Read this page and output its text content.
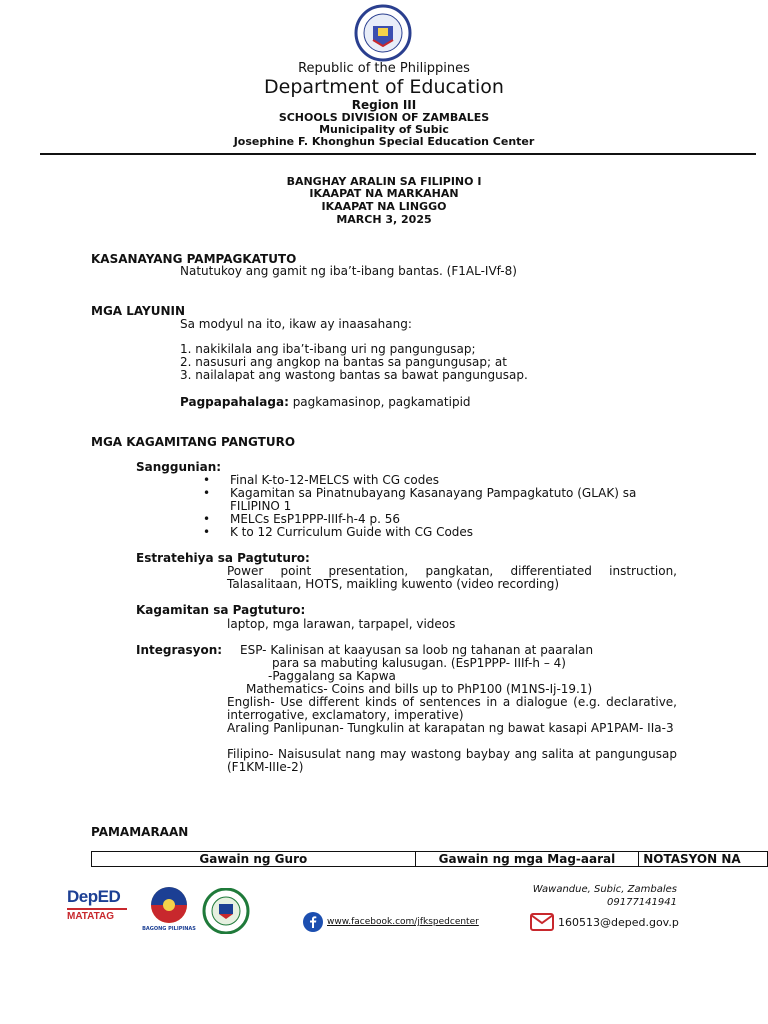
Republic of the Philippines
Department of Education
Region III
SCHOOLS DIVISION OF ZAMBALES
Municipality of Subic
Josephine F. Khonghun Special Education Center
BANGHAY ARALIN SA FILIPINO I
IKAAPAT NA MARKAHAN
IKAAPAT NA LINGGO
MARCH 3, 2025
KASANAYANG PAMPAGKATUTO
Natutukoy ang gamit ng iba’t-ibang bantas. (F1AL-IVf-8)
MGA LAYUNIN
Sa modyul na ito, ikaw ay inaasahang:
1. nakikilala ang iba’t-ibang uri ng pangungusap;
2. nasusuri ang angkop na bantas sa pangungusap; at
3. nailalapat ang wastong bantas sa bawat pangungusap.
Pagpapahalaga: pagkamasinop, pagkamatipid
MGA KAGAMITANG PANGTURO
Sanggunian:
• Final K-to-12-MELCS with CG codes
• Kagamitan sa Pinatnubayang Kasanayang Pampagkatuto (GLAK) sa FILIPINO 1
• MELCs EsP1PPP-IIIf-h-4 p. 56
• K to 12 Curriculum Guide with CG Codes
Estratehiya sa Pagtuturo:
Power point presentation, pangkatan, differentiated instruction, Talasalitaan, HOTS, maikling kuwento (video recording)
Kagamitan sa Pagtuturo:
laptop, mga larawan, tarpapel, videos
Integrasyon: ESP- Kalinisan at kaayusan sa loob ng tahanan at paaralan
para sa mabuting kalusugan. (EsP1PPP- IIIf-h – 4)
-Paggalang sa Kapwa
Mathematics- Coins and bills up to PhP100 (M1NS-Ij-19.1)
English- Use different kinds of sentences in a dialogue (e.g. declarative, interrogative, exclamatory, imperative)
Araling Panlipunan- Tungkulin at karapatan ng bawat kasapi AP1PAM- IIa-3
Filipino- Naisusulat nang may wastong baybay ang salita at pangungusap (F1KM-IIIe-2)
PAMAMARAAN
Gawain ng Guro	Gawain ng mga Mag-aaral	NOTASYON NA
DepED
MATATAG
BAGONG PILIPINAS
www.facebook.com/jfkspedcenter
Wawandue, Subic, Zambales
09177141941
160513@deped.gov.p
